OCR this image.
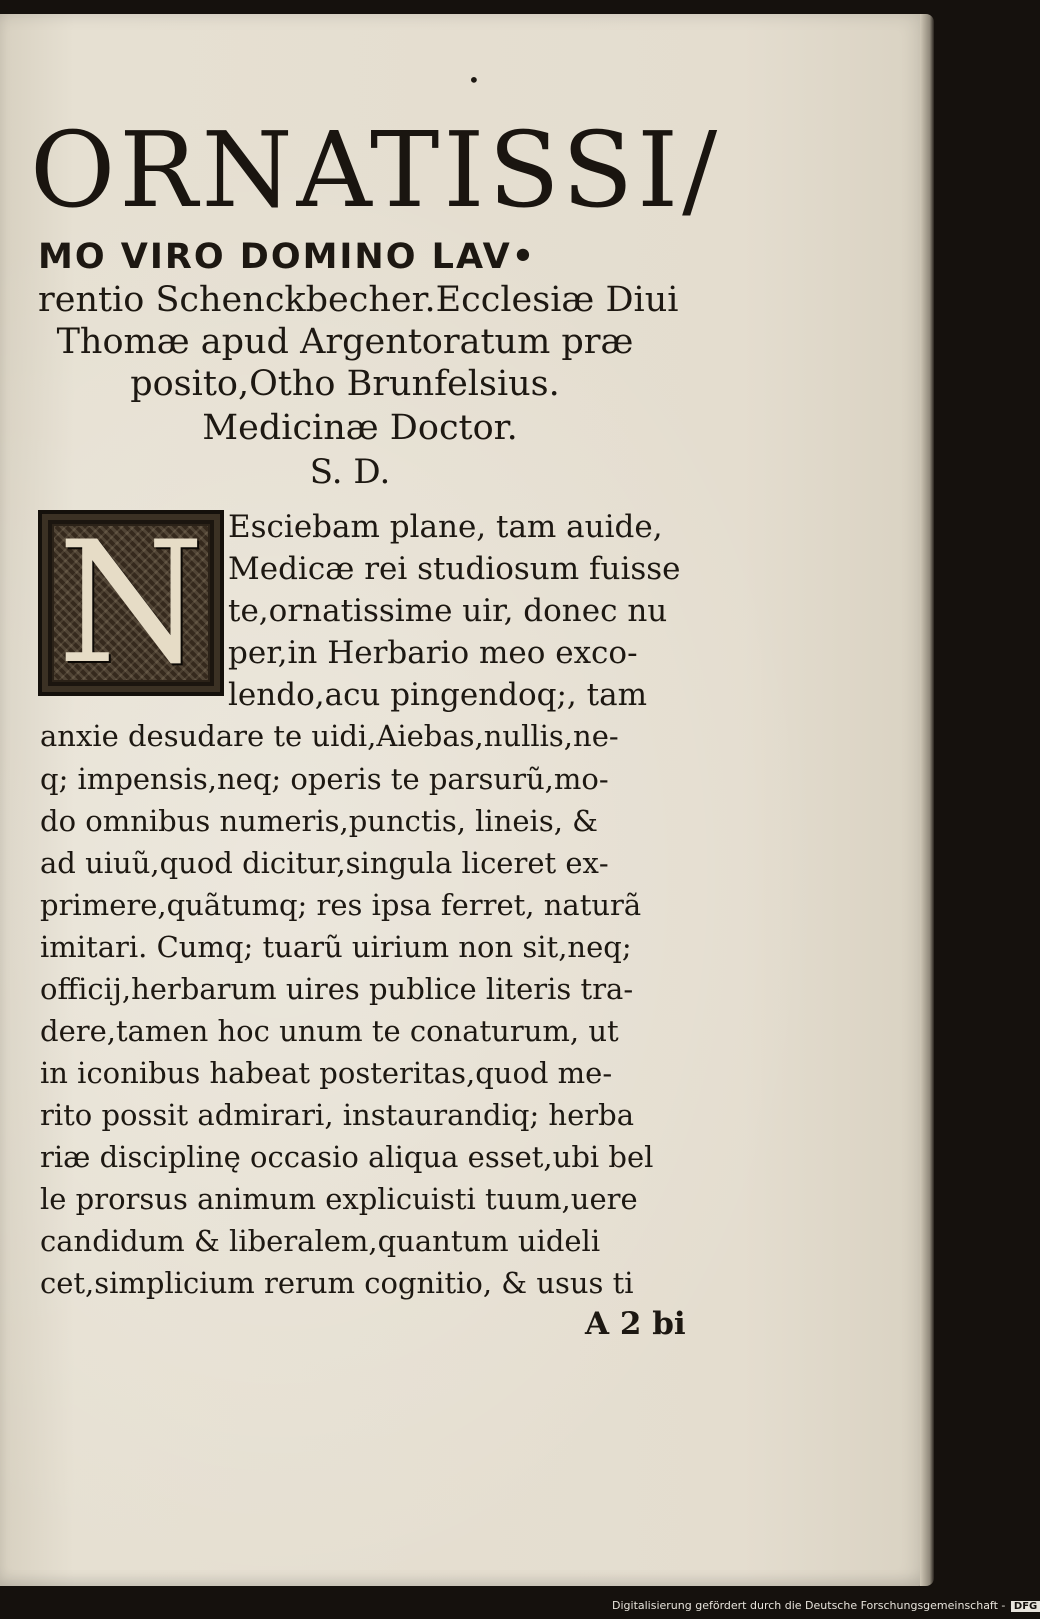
•
ORNATISSI/
MO VIRO DOMINO LAV•
rentio Schenckbecher.Ecclesiæ Diui
Thomæ apud Argentoratum præ
posito,Otho Brunfelsius.
Medicinæ Doctor.
S. D.
N Esciebam plane, tam auide,
Medicæ rei studiosum fuisse
te,ornatissime uir, donec nu
per,in Herbario meo exco‑
lendo,acu pingendoq;, tam
anxie desudare te uidi,Aiebas,nullis,ne‑
q; impensis,neq; operis te parsurũ,mo‑
do omnibus numeris,punctis, lineis, &
ad uiuũ,quod dicitur,singula liceret ex‑
primere,quãtumq; res ipsa ferret, naturã
imitari. Cumq; tuarũ uirium non sit,neq;
officij,herbarum uires publice literis tra‑
dere,tamen hoc unum te conaturum, ut
in iconibus habeat posteritas,quod me‑
rito possit admirari, instaurandiq; herba
riæ disciplinę occasio aliqua esset,ubi bel
le prorsus animum explicuisti tuum,uere
candidum & liberalem,quantum uideli
cet,simplicium rerum cognitio, & usus ti
A 2 bi
Digitalisierung gefördert durch die Deutsche Forschungsgemeinschaft - DFG
